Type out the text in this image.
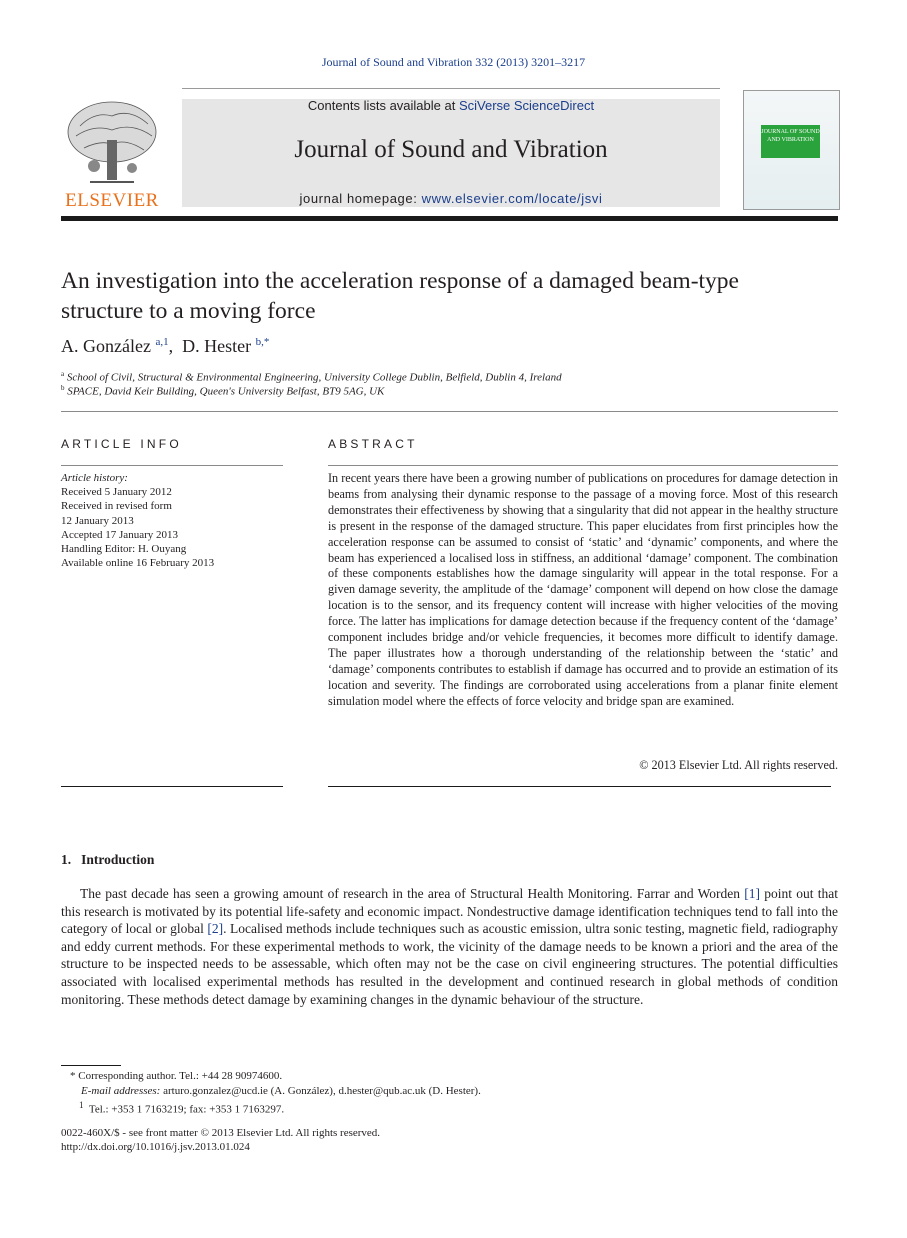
Journal of Sound and Vibration 332 (2013) 3201–3217
ELSEVIER
Contents lists available at SciVerse ScienceDirect
Journal of Sound and Vibration
journal homepage: www.elsevier.com/locate/jsvi
JOURNAL OF SOUND AND VIBRATION
An investigation into the acceleration response of a damaged beam-type structure to a moving force
A. González $^{a,1}$, D. Hester $^{b,*}$
$^a$ School of Civil, Structural & Environmental Engineering, University College Dublin, Belfield, Dublin 4, Ireland
$^b$ SPACE, David Keir Building, Queen's University Belfast, BT9 5AG, UK
ARTICLE INFO
Article history:
Received 5 January 2012
Received in revised form
12 January 2013
Accepted 17 January 2013
Handling Editor: H. Ouyang
Available online 16 February 2013
ABSTRACT
In recent years there have been a growing number of publications on procedures for damage detection in beams from analysing their dynamic response to the passage of a moving force. Most of this research demonstrates their effectiveness by showing that a singularity that did not appear in the healthy structure is present in the response of the damaged structure. This paper elucidates from first principles how the acceleration response can be assumed to consist of ‘static’ and ‘dynamic’ components, and where the beam has experienced a localised loss in stiffness, an additional ‘damage’ component. The combination of these components establishes how the damage singularity will appear in the total response. For a given damage severity, the amplitude of the ‘damage’ component will depend on how close the damage location is to the sensor, and its frequency content will increase with higher velocities of the moving force. The latter has implications for damage detection because if the frequency content of the ‘damage’ component includes bridge and/or vehicle frequencies, it becomes more difficult to identify damage. The paper illustrates how a thorough understanding of the relationship between the ‘static’ and ‘damage’ components contributes to establish if damage has occurred and to provide an estimation of its location and severity. The findings are corroborated using accelerations from a planar finite element simulation model where the effects of force velocity and bridge span are examined.
© 2013 Elsevier Ltd. All rights reserved.
1. Introduction
The past decade has seen a growing amount of research in the area of Structural Health Monitoring. Farrar and Worden [1] point out that this research is motivated by its potential life-safety and economic impact. Nondestructive damage identification techniques tend to fall into the category of local or global [2]. Localised methods include techniques such as acoustic emission, ultra sonic testing, magnetic field, radiography and eddy current methods. For these experimental methods to work, the vicinity of the damage needs to be known a priori and the area of the structure to be inspected needs to be assessable, which often may not be the case on civil engineering structures. The potential difficulties associated with localised experimental methods has resulted in the development and continued research in global methods of condition monitoring. These methods detect damage by examining changes in the dynamic behaviour of the structure.
* Corresponding author. Tel.: +44 28 90974600.
E-mail addresses: arturo.gonzalez@ucd.ie (A. González), d.hester@qub.ac.uk (D. Hester).
$^1$ Tel.: +353 1 7163219; fax: +353 1 7163297.
0022-460X/$ - see front matter © 2013 Elsevier Ltd. All rights reserved.
http://dx.doi.org/10.1016/j.jsv.2013.01.024
